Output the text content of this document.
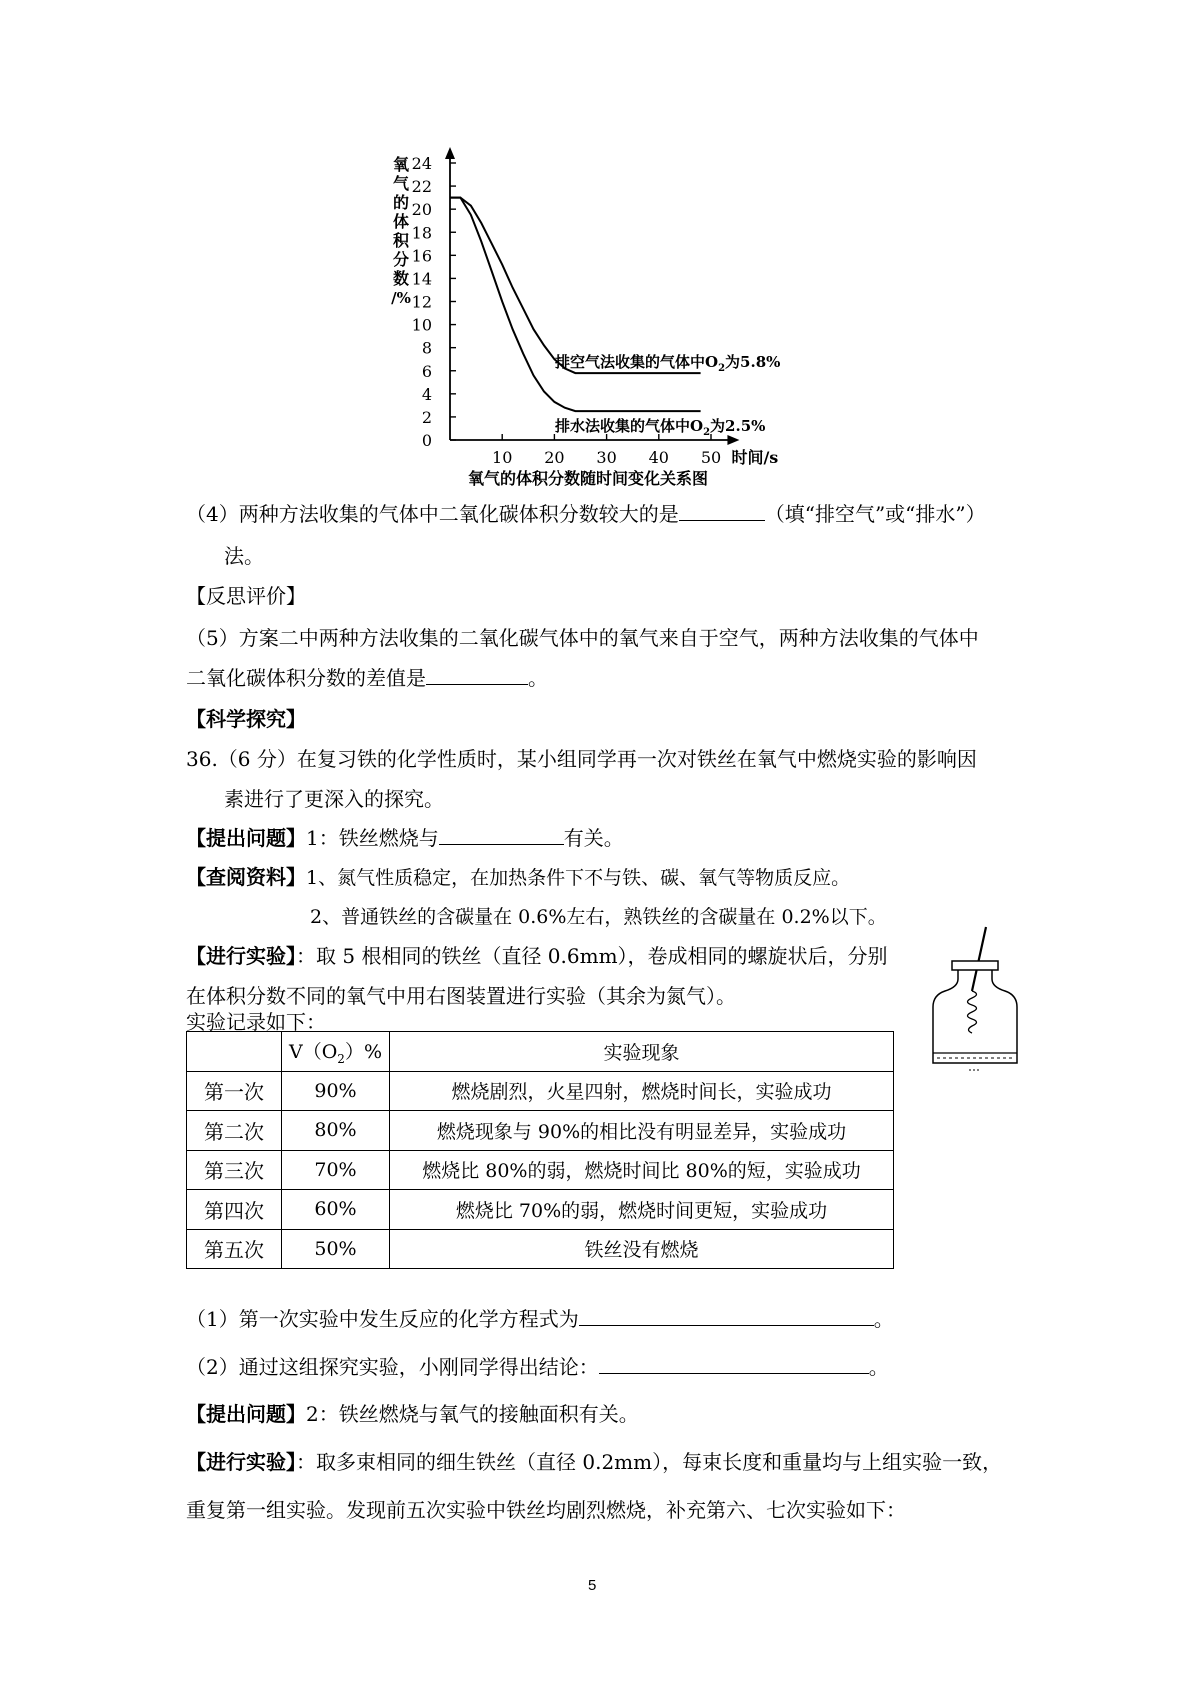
0
2
4
6
8
10
12
14
16
18
20
22
24
10 20 30 40 50 时间/s
氧
气
的
体
积
分
数
/%
排空气法收集的气体中$O_2$为5.8%
排水法收集的气体中$O_2$为2.5%
氧气的体积分数随时间变化关系图
（4）两种方法收集的气体中二氧化碳体积分数较大的是	（填“排空气”或“排水”）
法。
【反思评价】
（5）方案二中两种方法收集的二氧化碳气体中的氧气来自于空气，两种方法收集的气体中
二氧化碳体积分数的差值是	。
【科学探究】
36.（6 分）在复习铁的化学性质时，某小组同学再一次对铁丝在氧气中燃烧实验的影响因
素进行了更深入的探究。
【提出问题】1：铁丝燃烧与	有关。
【查阅资料】1、氮气性质稳定，在加热条件下不与铁、碳、氧气等物质反应。
2、普通铁丝的含碳量在 0.6%左右，熟铁丝的含碳量在 0.2%以下。
【进行实验】：取 5 根相同的铁丝（直径 0.6mm），卷成相同的螺旋状后，分别
在体积分数不同的氧气中用右图装置进行实验（其余为氮气）。
实验记录如下：
	$V(O_2)\%$	实验现象
第一次	90%	燃烧剧烈，火星四射，燃烧时间长，实验成功
第二次	80%	燃烧现象与 90%的相比没有明显差异，实验成功
第三次	70%	燃烧比 80%的弱，燃烧时间比 80%的短，实验成功
第四次	60%	燃烧比 70%的弱，燃烧时间更短，实验成功
第五次	50%	铁丝没有燃烧
（1）第一次实验中发生反应的化学方程式为	。
（2）通过这组探究实验，小刚同学得出结论：	。
【提出问题】2：铁丝燃烧与氧气的接触面积有关。
【进行实验】：取多束相同的细生铁丝（直径 0.2mm），每束长度和重量均与上组实验一致，
重复第一组实验。发现前五次实验中铁丝均剧烈燃烧，补充第六、七次实验如下：
5
